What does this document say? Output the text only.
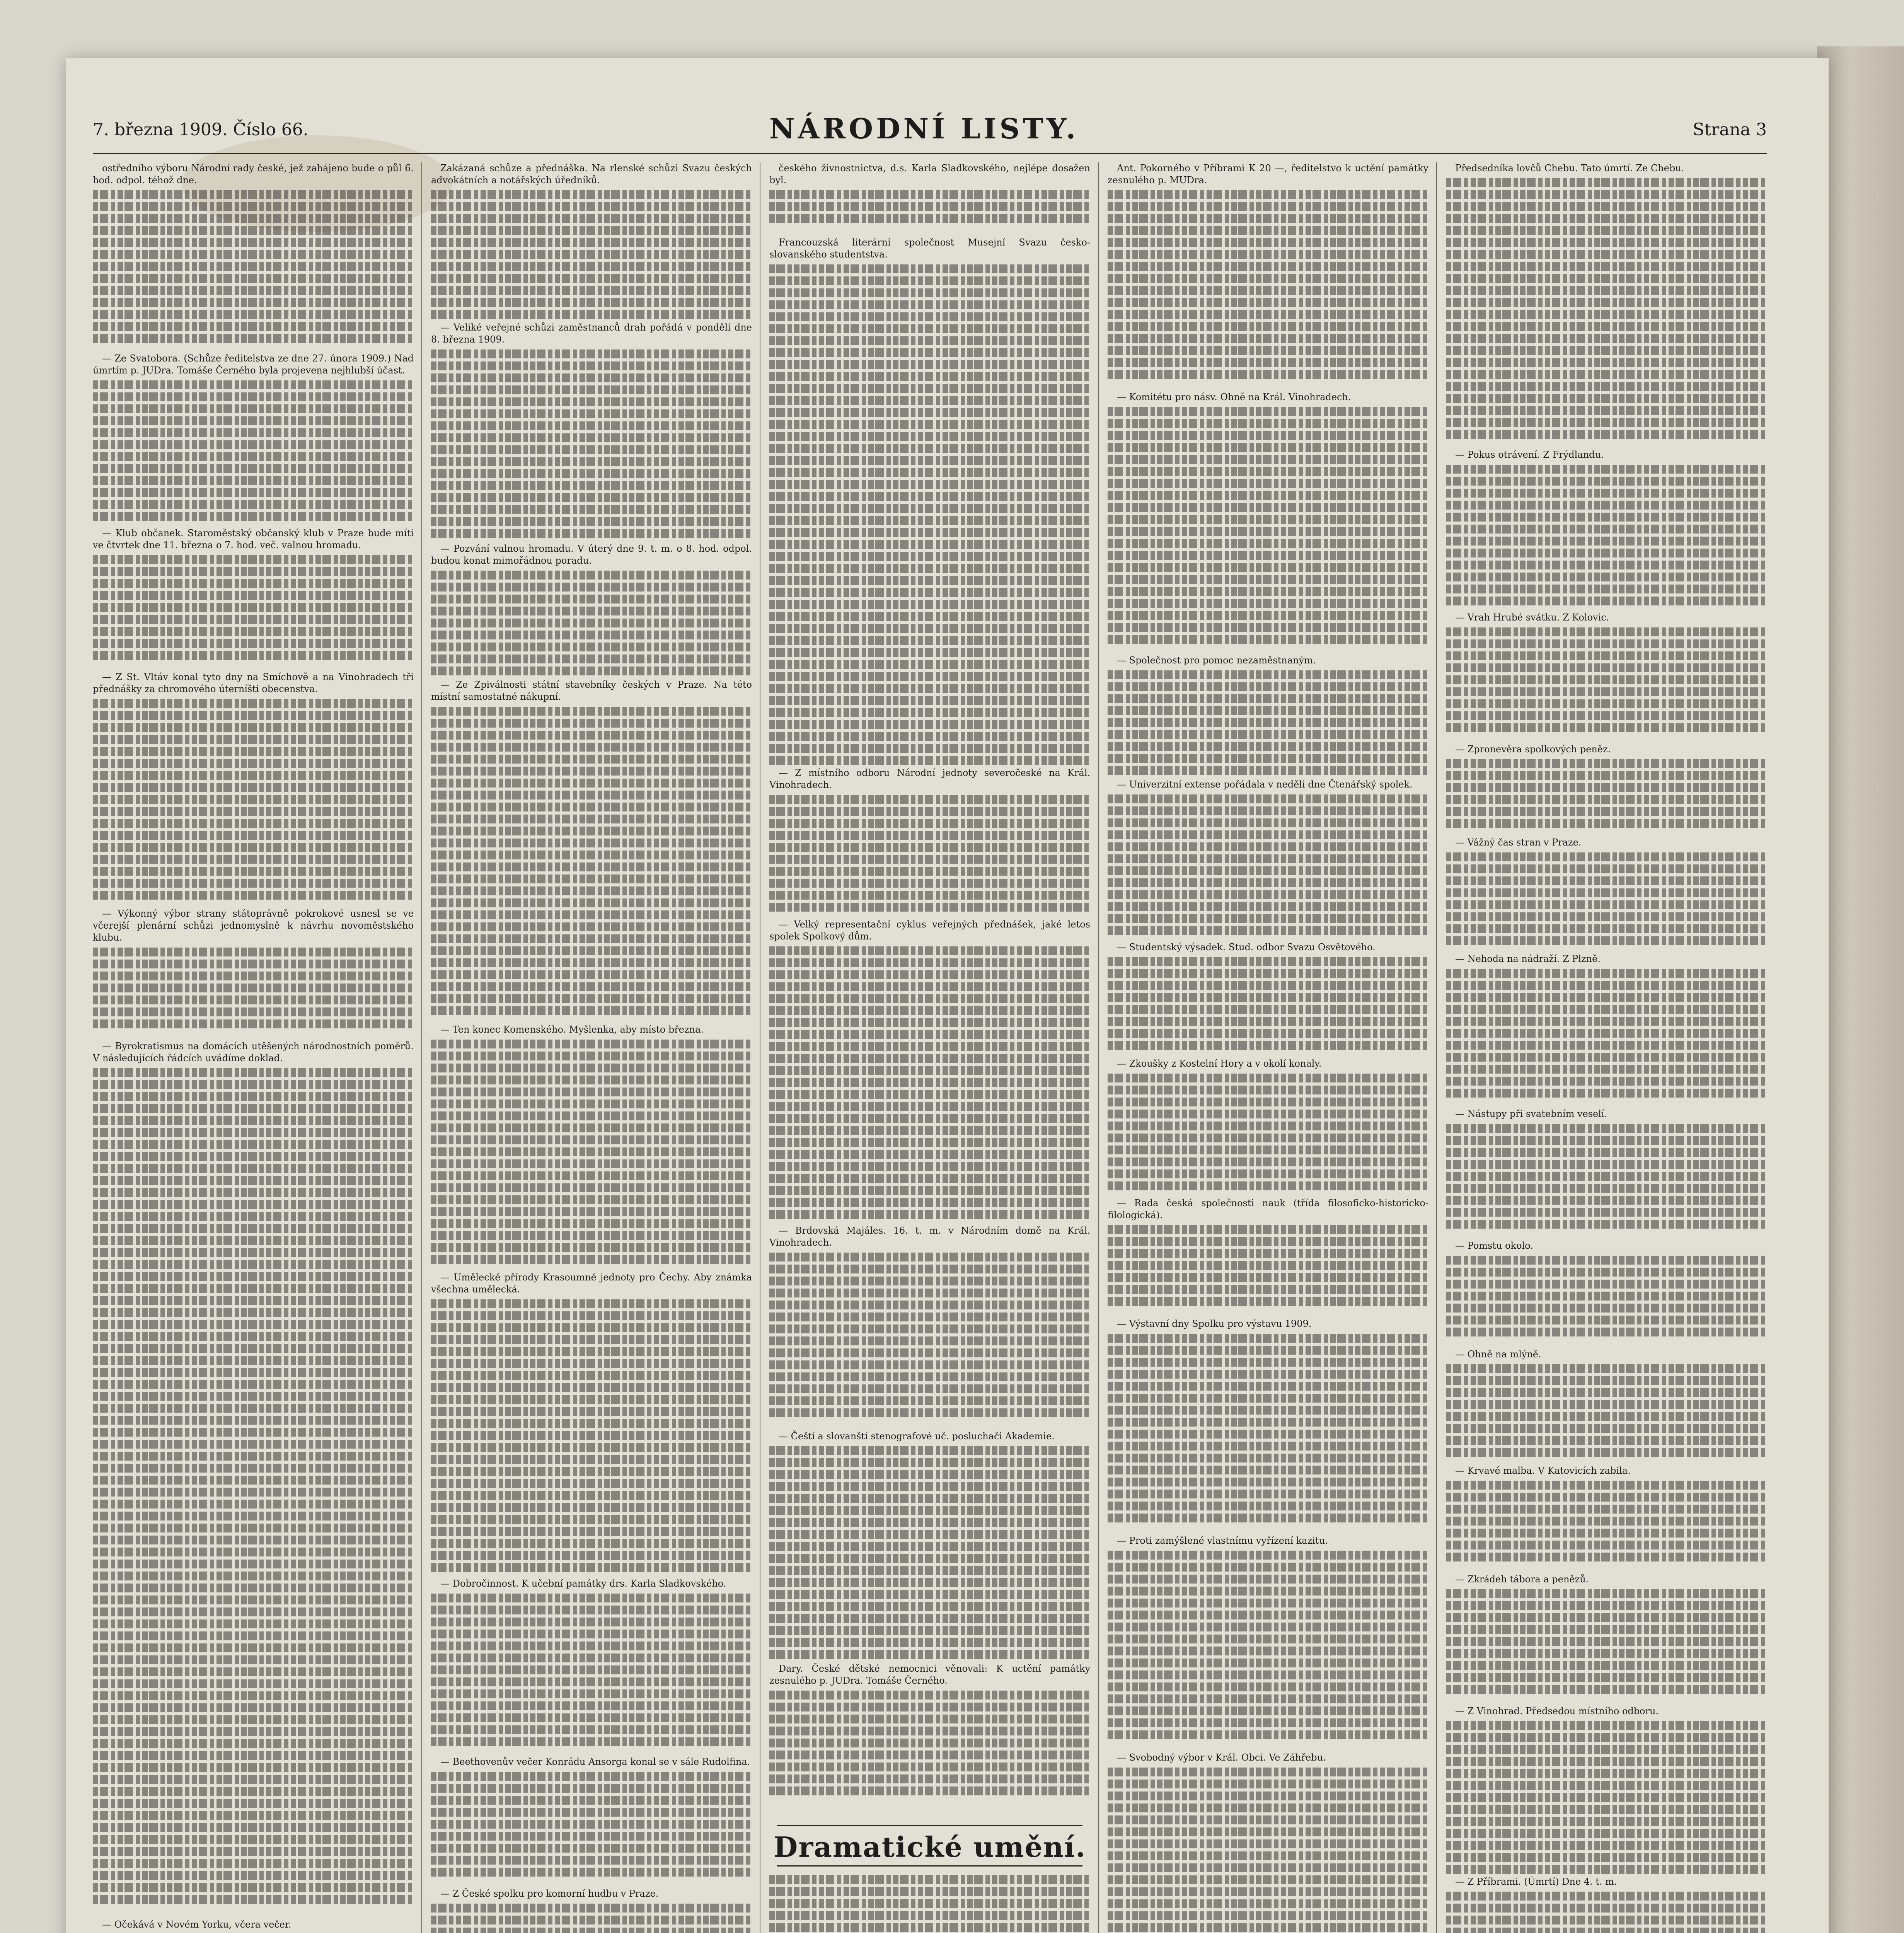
7. března 1909. Číslo 66.	NÁRODNÍ LISTY.	Strana 3

ostředního výboru Národní rady české, jež zahájeno bude o půl 6. hod. odpol. téhož dne.

— Ze Svatobora. (Schůze ředitelstva ze dne 27. února 1909.) Nad úmrtím p. JUDra. Tomáše Černého byla projevena nejhlubší účast.

— Klub občanek. Staroměstský občanský klub v Praze bude míti ve čtvrtek dne 11. března o 7. hod. več. valnou hromadu.

— Z St. Vltáv konal tyto dny na Smíchově a na Vinohradech tři přednášky za chromového úterníšti obecenstva.

— Výkonný výbor strany státoprávně pokrokové usnesl se ve včerejší plenární schůzi jednomyslně k návrhu novoměstského klubu.

— Byrokratismus na domácích utěšených národnostních poměrů. V následujících řádcích uvádíme doklad.

— Očekává v Novém Yorku, včera večer.

Zakázaná schůze a přednáška. Na rlenské schůzi Svazu českých advokátních a notářských úředníků.

— Veliké veřejné schůzi zaměstnanců drah pořádá v pondělí dne 8. března 1909.

— Pozvání valnou hromadu. V úterý dne 9. t. m. o 8. hod. odpol. budou konat mimořádnou poradu.

— Ze Zpiválnosti státní stavebníky českých v Praze. Na této místní samostatné nákupní.

— Ten konec Komenského. Myšlenka, aby místo března.

— Umělecké přírody Krasoumné jednoty pro Čechy. Aby známka všechna umělecká.

— Dobročinnost. K učební památky drs. Karla Sladkovského.

— Beethovenův večer Konrádu Ansorga konal se v sále Rudolfina.

— Z České spolku pro komorní hudbu v Praze.

českého živnostnictva, d.s. Karla Sladkovského, nejlépe dosažen byl.

Francouzská literární společnost Musejní Svazu česko-slovanského studentstva.

— Z místního odboru Národní jednoty severočeské na Král. Vinohradech.

— Velký representační cyklus veřejných přednášek, jaké letos spolek Spolkový dům.

— Brdovská Majáles. 16. t. m. v Národním domě na Král. Vinohradech.

— Čeští a slovanští stenografové uč. posluchači Akademie.

Dary. České dětské nemocnici věnovali: K uctění památky zesnulého p. JUDra. Tomáše Černého.

Dramatické umění.

Ant. Pokorného v Příbrami K 20 —, ředitelstvo k uctění památky zesnulého p. MUDra.

— Komitétu pro násv. Ohně na Král. Vinohradech.

— Společnost pro pomoc nezaměstnaným.

— Univerzitní extense pořádala v neděli dne Čtenářský spolek.

— Studentský výsadek. Stud. odbor Svazu Osvětového.

— Zkoušky z Kostelní Hory a v okolí konaly.

— Rada česká společnosti nauk (třída filosoficko-historicko-filologická).

— Výstavní dny Spolku pro výstavu 1909.

— Proti zamýšlené vlastnímu vyřízení kazitu.

— Svobodný výbor v Král. Obci. Ve Záhřebu.

Předsedníka lovčů Chebu. Tato úmrtí. Ze Chebu.

— Pokus otrávení. Z Frýdlandu.

— Vrah Hrubé svátku. Z Kolovic.

— Zpronevěra spolkových peněz.

— Vážný čas stran v Praze.

— Nehoda na nádraží. Z Plzně.

— Nástupy při svatebním veselí.

— Pomstu okolo.

— Ohně na mlýně.

— Krvavé malba. V Katovicích zabila.

— Zkrádeh tábora a penězů.

— Z Vinohrad. Předsedou místního odboru.

— Z Příbrami. (Úmrtí) Dne 4. t. m.
